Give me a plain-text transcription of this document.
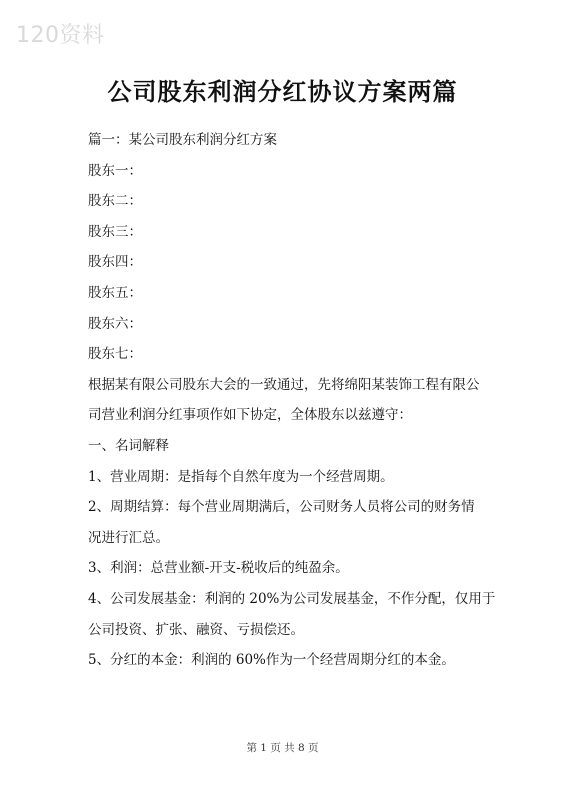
120资料
公司股东利润分红协议方案两篇
篇一：某公司股东利润分红方案
股东一：
股东二：
股东三：
股东四：
股东五：
股东六：
股东七：
根据某有限公司股东大会的一致通过，先将绵阳某装饰工程有限公
司营业利润分红事项作如下协定，全体股东以兹遵守：
一、名词解释
1、营业周期：是指每个自然年度为一个经营周期。
2、周期结算：每个营业周期满后，公司财务人员将公司的财务情
况进行汇总。
3、利润：总营业额-开支-税收后的纯盈余。
4、公司发展基金：利润的 20%为公司发展基金，不作分配，仅用于
公司投资、扩张、融资、亏损偿还。
5、分红的本金：利润的 60%作为一个经营周期分红的本金。
第 1 页 共 8 页
